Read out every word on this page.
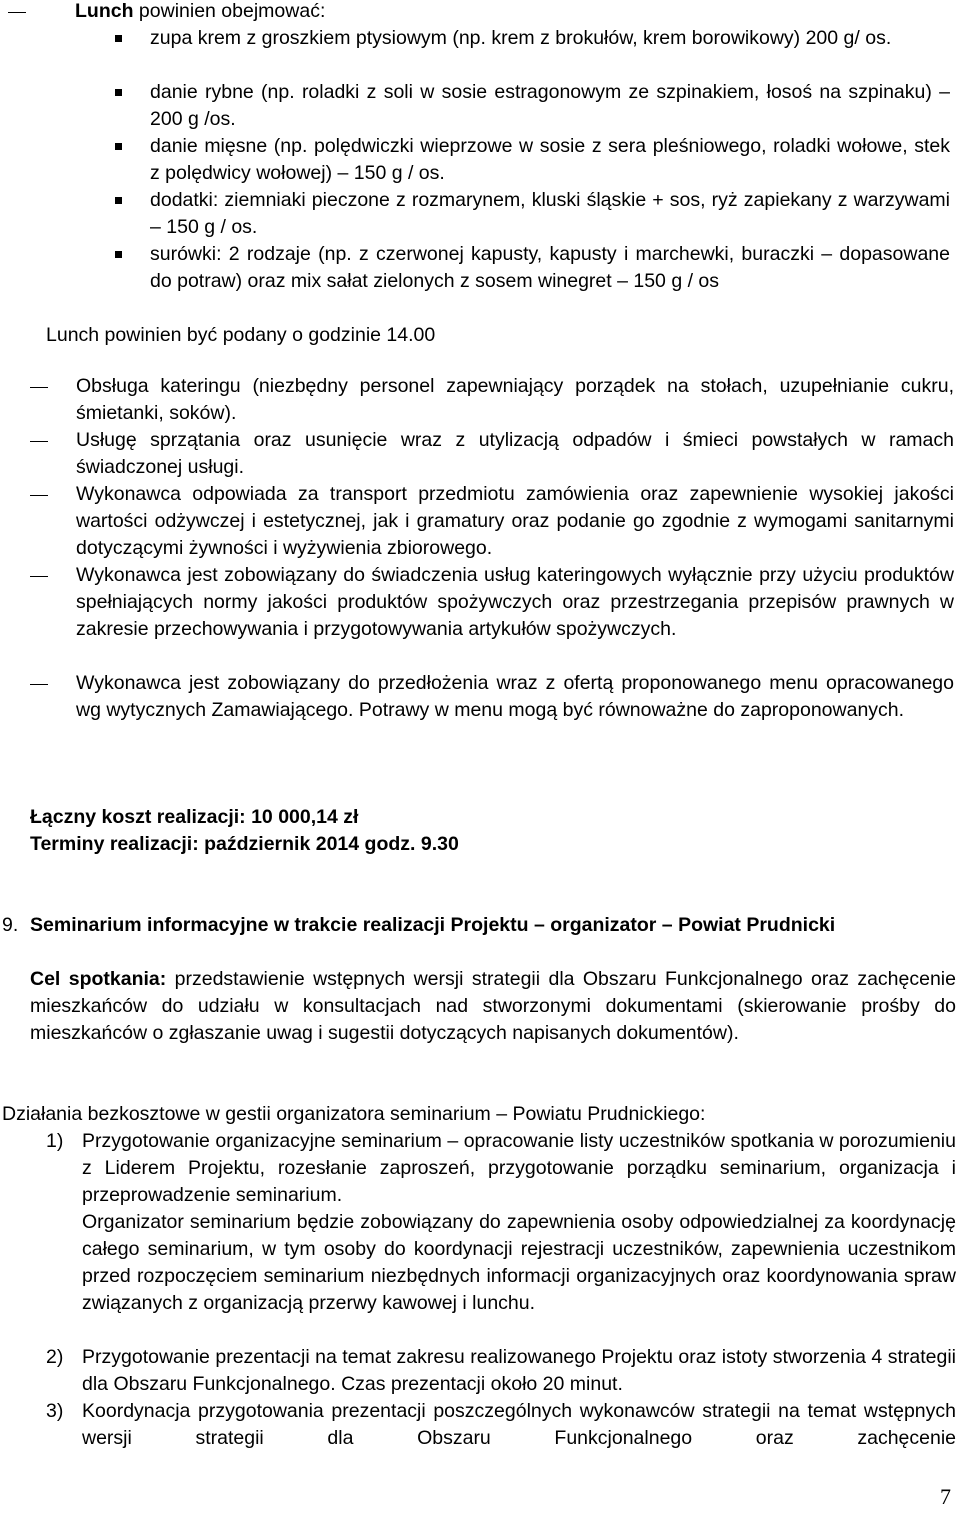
Lunch powinien obejmować:
zupa krem z groszkiem ptysiowym (np. krem z brokułów, krem borowikowy) 200 g/ os.
danie rybne (np. roladki z soli w sosie estragonowym ze szpinakiem, łosoś na szpinaku) – 200 g /os.
danie mięsne (np. polędwiczki wieprzowe w sosie z sera pleśniowego, roladki wołowe, stek z polędwicy wołowej) – 150 g / os.
dodatki: ziemniaki pieczone z rozmarynem, kluski śląskie + sos, ryż zapiekany z warzywami – 150 g / os.
surówki: 2 rodzaje (np. z czerwonej kapusty, kapusty i marchewki, buraczki – dopasowane do potraw) oraz mix sałat zielonych z sosem winegret – 150 g / os
Lunch powinien być podany o godzinie 14.00
Obsługa kateringu (niezbędny personel zapewniający porządek na stołach, uzupełnianie cukru, śmietanki, soków).
Usługę sprzątania oraz usunięcie wraz z utylizacją odpadów i śmieci powstałych w ramach świadczonej usługi.
Wykonawca odpowiada za transport przedmiotu zamówienia oraz zapewnienie wysokiej jakości wartości odżywczej i estetycznej, jak i gramatury oraz podanie go zgodnie z wymogami sanitarnymi dotyczącymi żywności i wyżywienia zbiorowego.
Wykonawca jest zobowiązany do świadczenia usług kateringowych wyłącznie przy użyciu produktów spełniających normy jakości produktów spożywczych oraz przestrzegania przepisów prawnych w zakresie przechowywania i przygotowywania artykułów spożywczych.
Wykonawca jest zobowiązany do przedłożenia wraz z ofertą proponowanego menu opracowanego wg wytycznych Zamawiającego. Potrawy w menu mogą być równoważne do zaproponowanych.
Łączny koszt realizacji: 10 000,14 zł
Terminy realizacji: październik 2014 godz. 9.30
9. Seminarium informacyjne w trakcie realizacji Projektu – organizator – Powiat Prudnicki
Cel spotkania: przedstawienie wstępnych wersji strategii dla Obszaru Funkcjonalnego oraz zachęcenie mieszkańców do udziału w konsultacjach nad stworzonymi dokumentami (skierowanie prośby do mieszkańców o zgłaszanie uwag i sugestii dotyczących napisanych dokumentów).
Działania bezkosztowe w gestii organizatora seminarium – Powiatu Prudnickiego:
1) Przygotowanie organizacyjne seminarium – opracowanie listy uczestników spotkania w porozumieniu z Liderem Projektu, rozesłanie zaproszeń, przygotowanie porządku seminarium, organizacja i przeprowadzenie seminarium.
Organizator seminarium będzie zobowiązany do zapewnienia osoby odpowiedzialnej za koordynację całego seminarium, w tym osoby do koordynacji rejestracji uczestników, zapewnienia uczestnikom przed rozpoczęciem seminarium niezbędnych informacji organizacyjnych oraz koordynowania spraw związanych z organizacją przerwy kawowej i lunchu.
2) Przygotowanie prezentacji na temat zakresu realizowanego Projektu oraz istoty stworzenia 4 strategii dla Obszaru Funkcjonalnego. Czas prezentacji około 20 minut.
3) Koordynacja przygotowania prezentacji poszczególnych wykonawców strategii na temat wstępnych wersji strategii dla Obszaru Funkcjonalnego oraz zachęcenie
7
